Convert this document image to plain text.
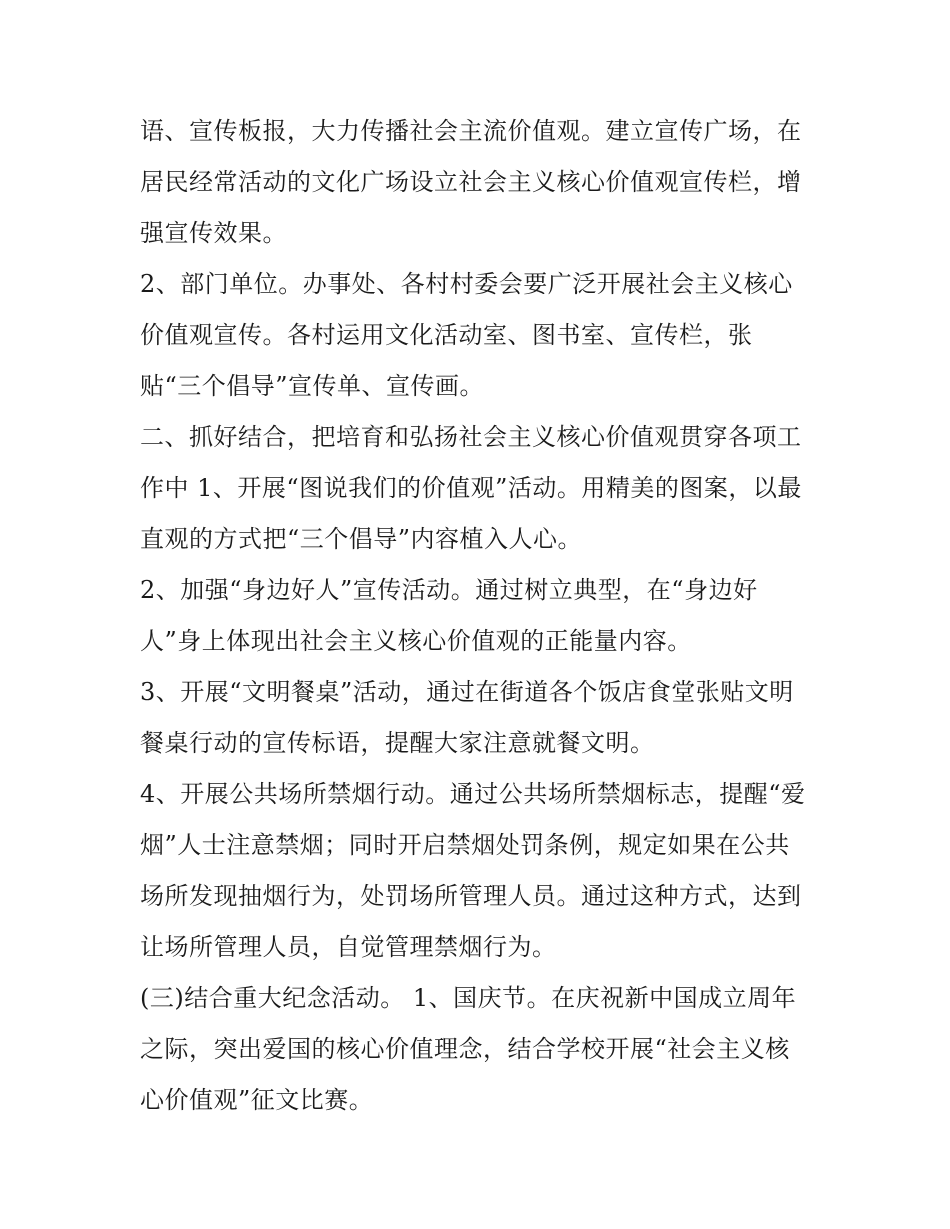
语、宣传板报，大力传播社会主流价值观。建立宣传广场，在
居民经常活动的文化广场设立社会主义核心价值观宣传栏，增
强宣传效果。
2、部门单位。办事处、各村村委会要广泛开展社会主义核心
价值观宣传。各村运用文化活动室、图书室、宣传栏，张
贴“三个倡导”宣传单、宣传画。
二、抓好结合，把培育和弘扬社会主义核心价值观贯穿各项工
作中 1、开展“图说我们的价值观”活动。用精美的图案，以最
直观的方式把“三个倡导”内容植入人心。
2、加强“身边好人”宣传活动。通过树立典型，在“身边好
人”身上体现出社会主义核心价值观的正能量内容。
3、开展“文明餐桌”活动，通过在街道各个饭店食堂张贴文明
餐桌行动的宣传标语，提醒大家注意就餐文明。
4、开展公共场所禁烟行动。通过公共场所禁烟标志，提醒“爱
烟”人士注意禁烟；同时开启禁烟处罚条例，规定如果在公共
场所发现抽烟行为，处罚场所管理人员。通过这种方式，达到
让场所管理人员，自觉管理禁烟行为。
(三)结合重大纪念活动。 1、国庆节。在庆祝新中国成立周年
之际，突出爱国的核心价值理念，结合学校开展“社会主义核
心价值观”征文比赛。
